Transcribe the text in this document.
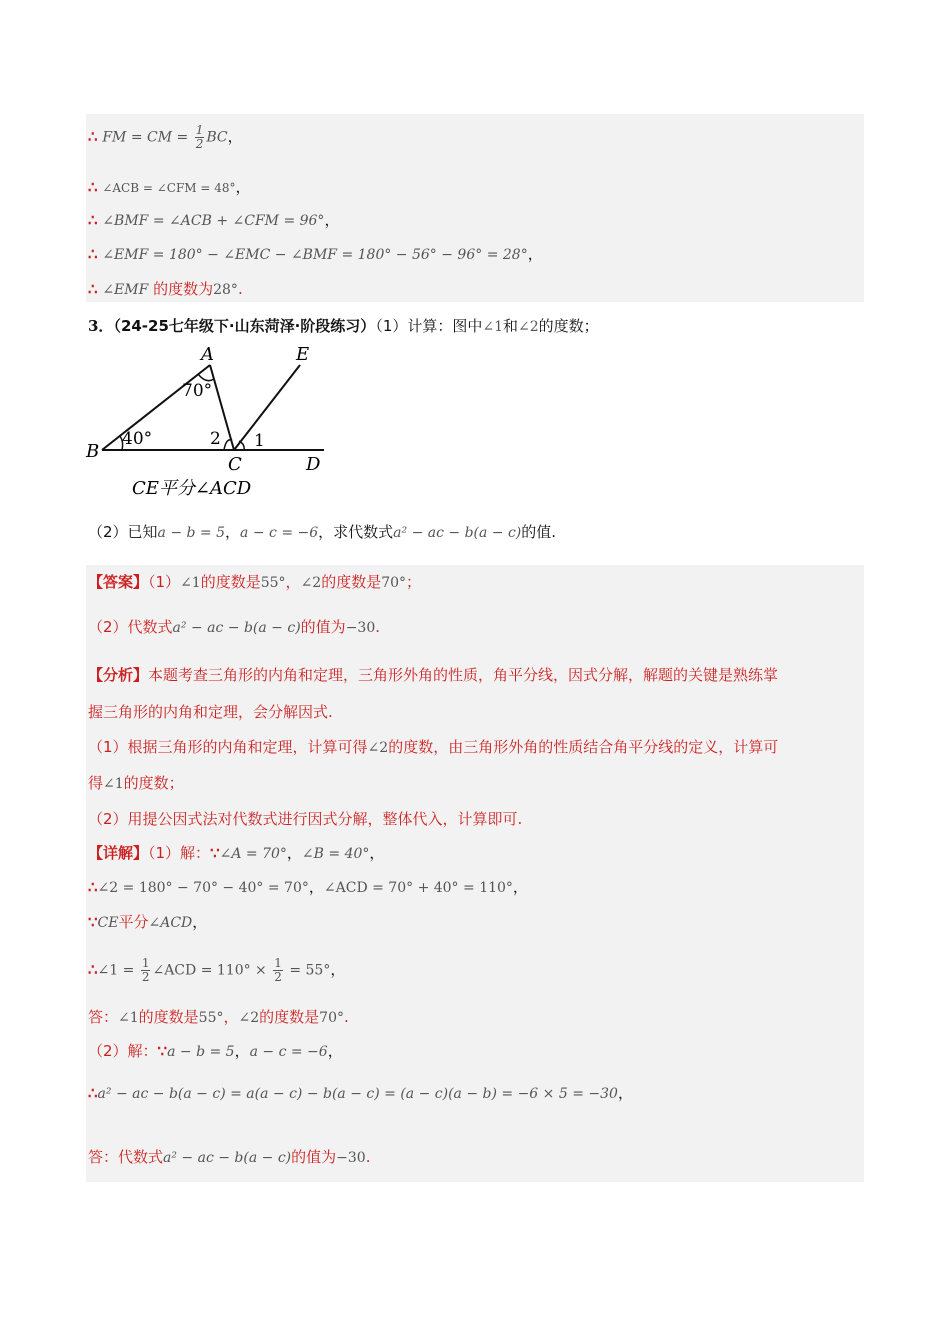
∴ FM = CM = $\frac{1}{2}$ BC，
∴ ∠ACB = ∠CFM = 48°，
∴ ∠BMF = ∠ACB + ∠CFM = 96°，
∴ ∠EMF = 180° − ∠EMC − ∠BMF = 180° − 56° − 96° = 28°，
∴ ∠EMF 的度数为28°.
3．（24-25七年级下·山东菏泽·阶段练习）（1）计算：图中∠1和∠2的度数；
A	E
B
C	D
70°
40°	2 1
CE平分∠ACD
（2）已知a − b = 5，a − c = −6，求代数式a² − ac − b(a − c)的值.
【答案】（1）∠1的度数是55°，∠2的度数是70°；
（2）代数式a² − ac − b(a − c)的值为−30.
【分析】本题考查三角形的内角和定理，三角形外角的性质，角平分线，因式分解，解题的关键是熟练掌
握三角形的内角和定理，会分解因式.
（1）根据三角形的内角和定理，计算可得∠2的度数，由三角形外角的性质结合角平分线的定义，计算可
得∠1的度数；
（2）用提公因式法对代数式进行因式分解，整体代入，计算即可.
【详解】（1）解：∵∠A = 70°，∠B = 40°，
∴∠2 = 180° − 70° − 40° = 70°，∠ACD = 70° + 40° = 110°，
∵CE平分∠ACD，
∴∠1 = $\frac{1}{2}$ ∠ACD = $110^\circ \times \frac{1}{2} = 55^\circ$，
答：∠1的度数是55°，∠2的度数是70°.
（2）解：∵a − b = 5，a − c = −6，
∴a² − ac − b(a − c) = a(a − c) − b(a − c) = (a − c)(a − b) = −6 × 5 = −30，
答：代数式a² − ac − b(a − c)的值为−30.
